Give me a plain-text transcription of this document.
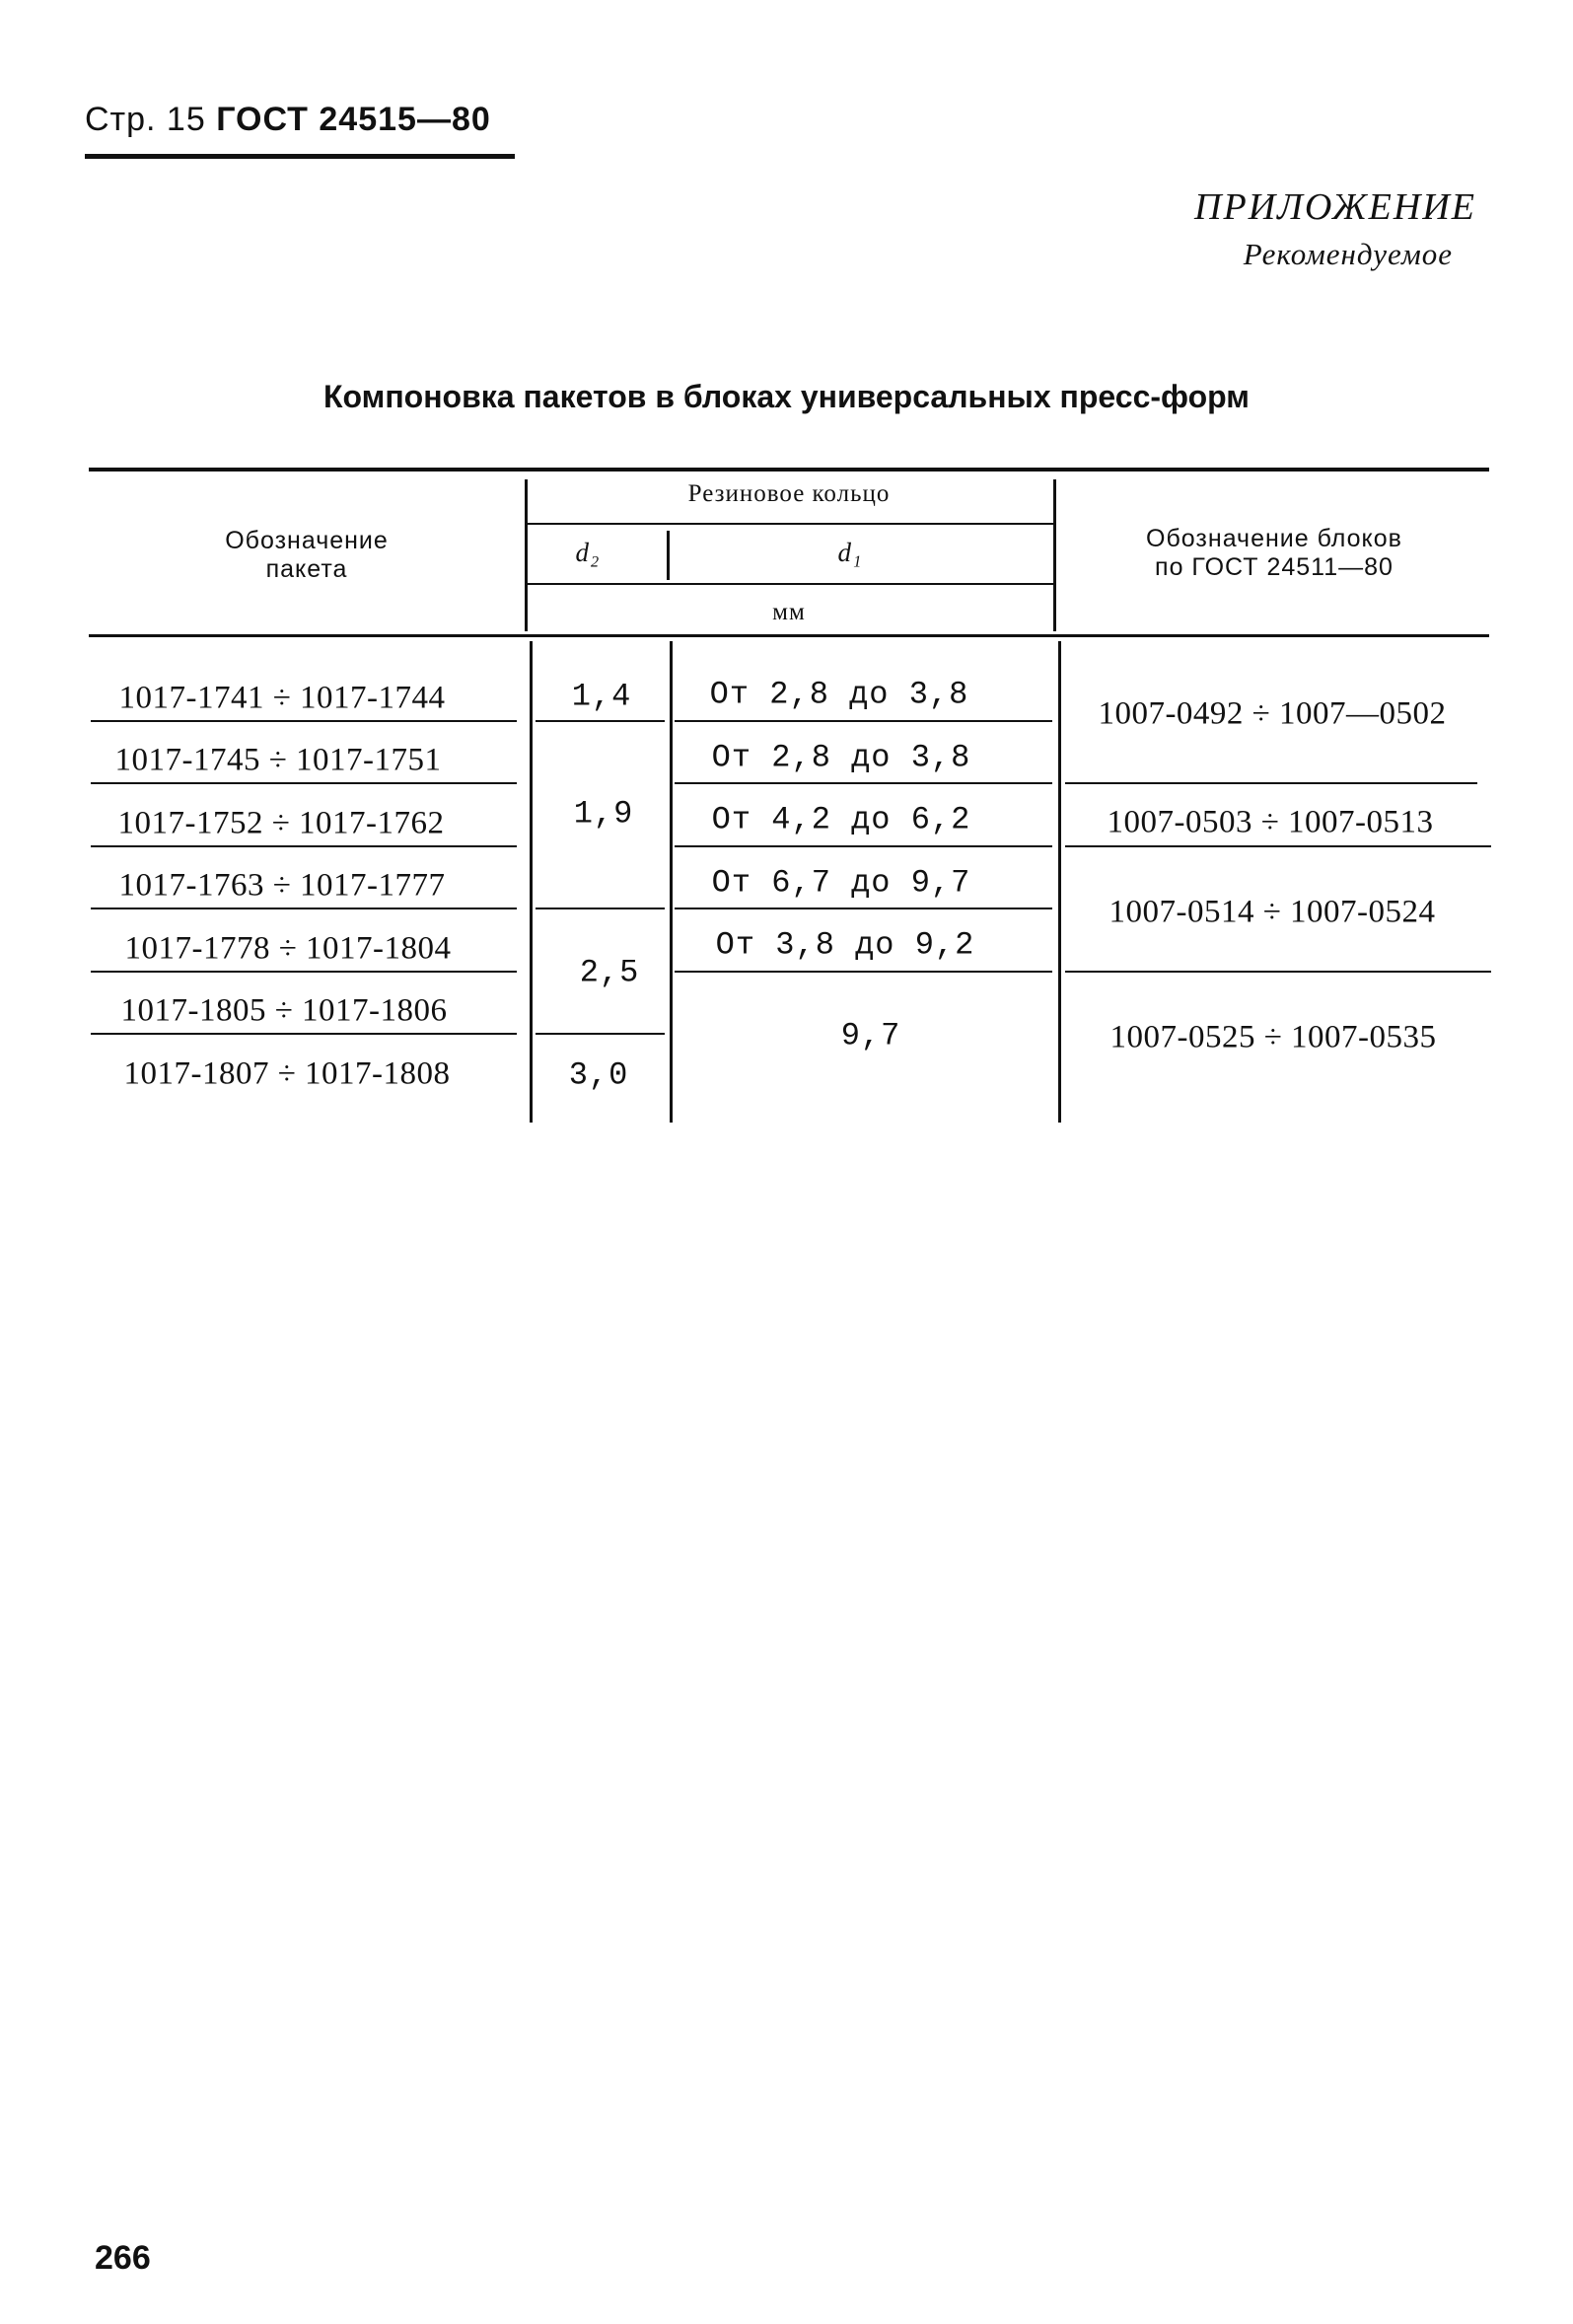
Стр. 15 ГОСТ 24515—80
ПРИЛОЖЕНИЕ
Рекомендуемое
Компоновка пакетов в блоках универсальных пресс-форм
Обозначение
пакета
Резиновое кольцо
d₂	d₁
мм
Обозначение блоков
по ГОСТ 24511—80
1017-1741 ÷ 1017-1744
1017-1745 ÷ 1017-1751
1017-1752 ÷ 1017-1762
1017-1763 ÷ 1017-1777
1017-1778 ÷ 1017-1804
1017-1805 ÷ 1017-1806
1017-1807 ÷ 1017-1808
1,4
1,9
2,5
3,0
От 2,8 до 3,8
От 2,8 до 3,8
От 4,2 до 6,2
От 6,7 до 9,7
От 3,8 до 9,2
9,7
1007-0492 ÷ 1007—0502
1007-0503 ÷ 1007-0513
1007-0514 ÷ 1007-0524
1007-0525 ÷ 1007-0535
266
